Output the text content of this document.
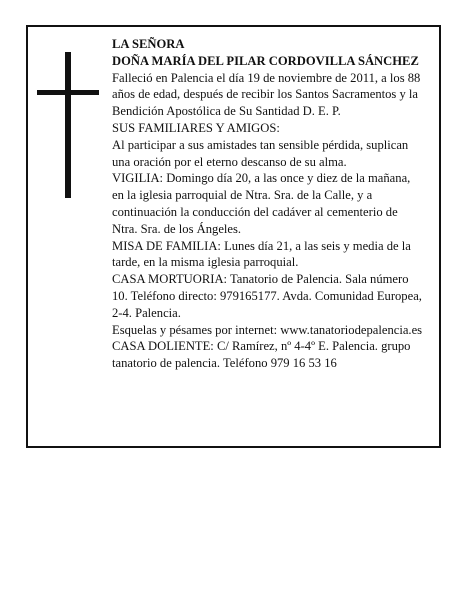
LA SEÑORA

DOÑA MARÍA DEL PILAR CORDOVILLA SÁNCHEZ

Falleció en Palencia el día 19 de noviembre de 2011, a los 88 años de edad, después de recibir los Santos Sacramentos y la Bendición Apostólica de Su Santidad D. E. P.

SUS FAMILIARES Y AMIGOS:

Al participar a sus amistades tan sensible pérdida, suplican una oración por el eterno descanso de su alma.

VIGILIA: Domingo día 20, a las once y diez de la mañana, en la iglesia parroquial de Ntra. Sra. de la Calle, y a continuación la conducción del cadáver al cementerio de Ntra. Sra. de los Ángeles.

MISA DE FAMILIA: Lunes día 21, a las seis y media de la tarde, en la misma iglesia parroquial.

CASA MORTUORIA: Tanatorio de Palencia. Sala número 10. Teléfono directo: 979165177. Avda. Comunidad Europea, 2-4. Palencia.

Esquelas y pésames por internet: www.tanatoriodepalencia.es

CASA DOLIENTE: C/ Ramírez, nº 4-4º E. Palencia. grupo tanatorio de palencia. Teléfono 979 16 53 16
